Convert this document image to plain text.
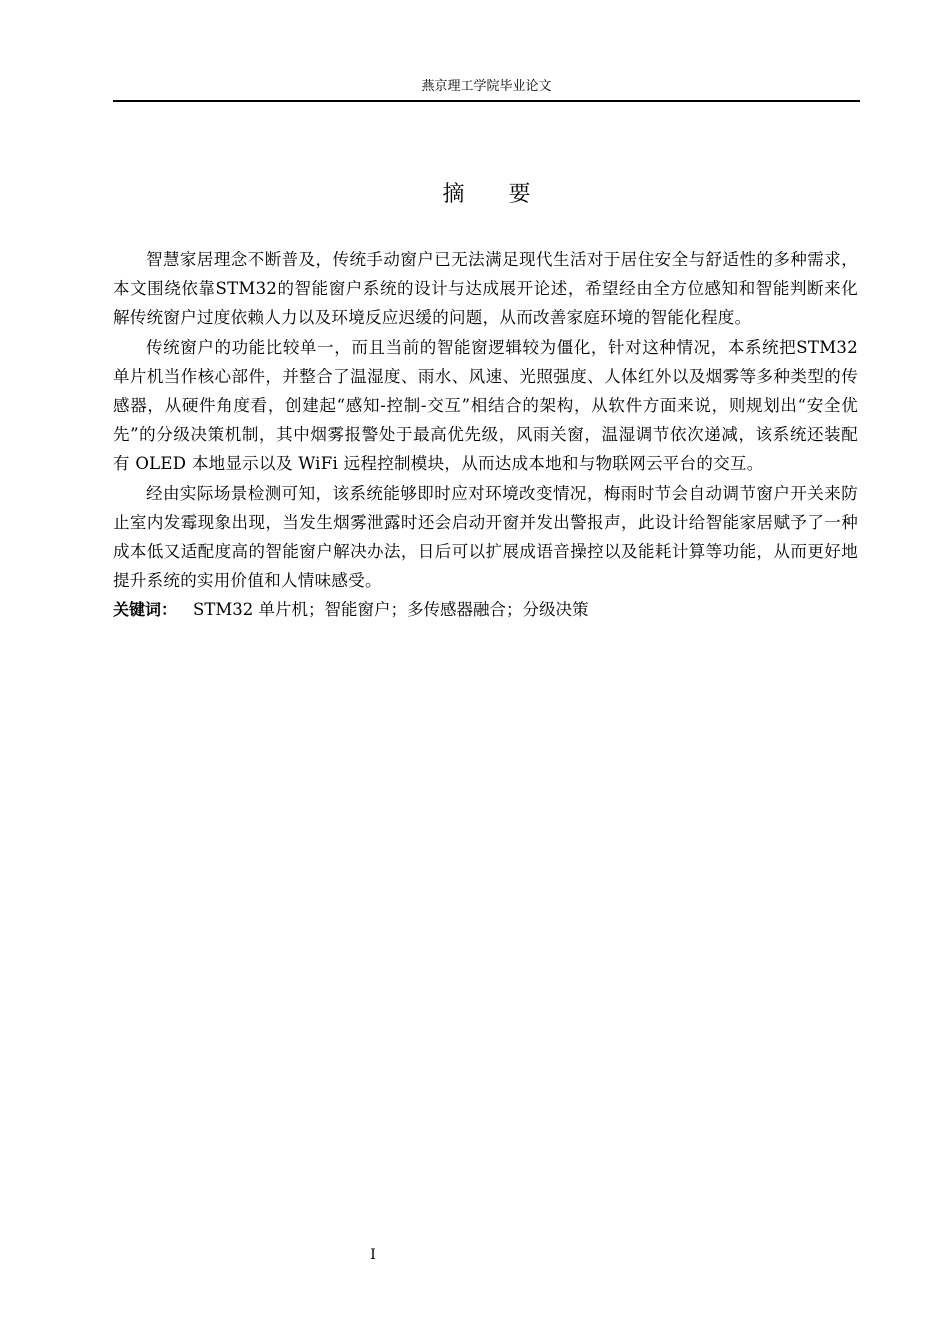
燕京理工学院毕业论文
摘要

智慧家居理念不断普及，传统手动窗户已无法满足现代生活对于居住安全与舒适性的多种需求，本文围绕依靠STM32的智能窗户系统的设计与达成展开论述，希望经由全方位感知和智能判断来化解传统窗户过度依赖人力以及环境反应迟缓的问题，从而改善家庭环境的智能化程度。

传统窗户的功能比较单一，而且当前的智能窗逻辑较为僵化，针对这种情况，本系统把STM32单片机当作核心部件，并整合了温湿度、雨水、风速、光照强度、人体红外以及烟雾等多种类型的传感器，从硬件角度看，创建起“感知-控制-交互”相结合的架构，从软件方面来说，则规划出“安全优先”的分级决策机制，其中烟雾报警处于最高优先级，风雨关窗，温湿调节依次递减，该系统还装配有 OLED 本地显示以及 WiFi 远程控制模块，从而达成本地和与物联网云平台的交互。

经由实际场景检测可知，该系统能够即时应对环境改变情况，梅雨时节会自动调节窗户开关来防止室内发霉现象出现，当发生烟雾泄露时还会启动开窗并发出警报声，此设计给智能家居赋予了一种成本低又适配度高的智能窗户解决办法，日后可以扩展成语音操控以及能耗计算等功能，从而更好地提升系统的实用价值和人情味感受。

关键词： STM32 单片机；智能窗户；多传感器融合；分级决策

I
